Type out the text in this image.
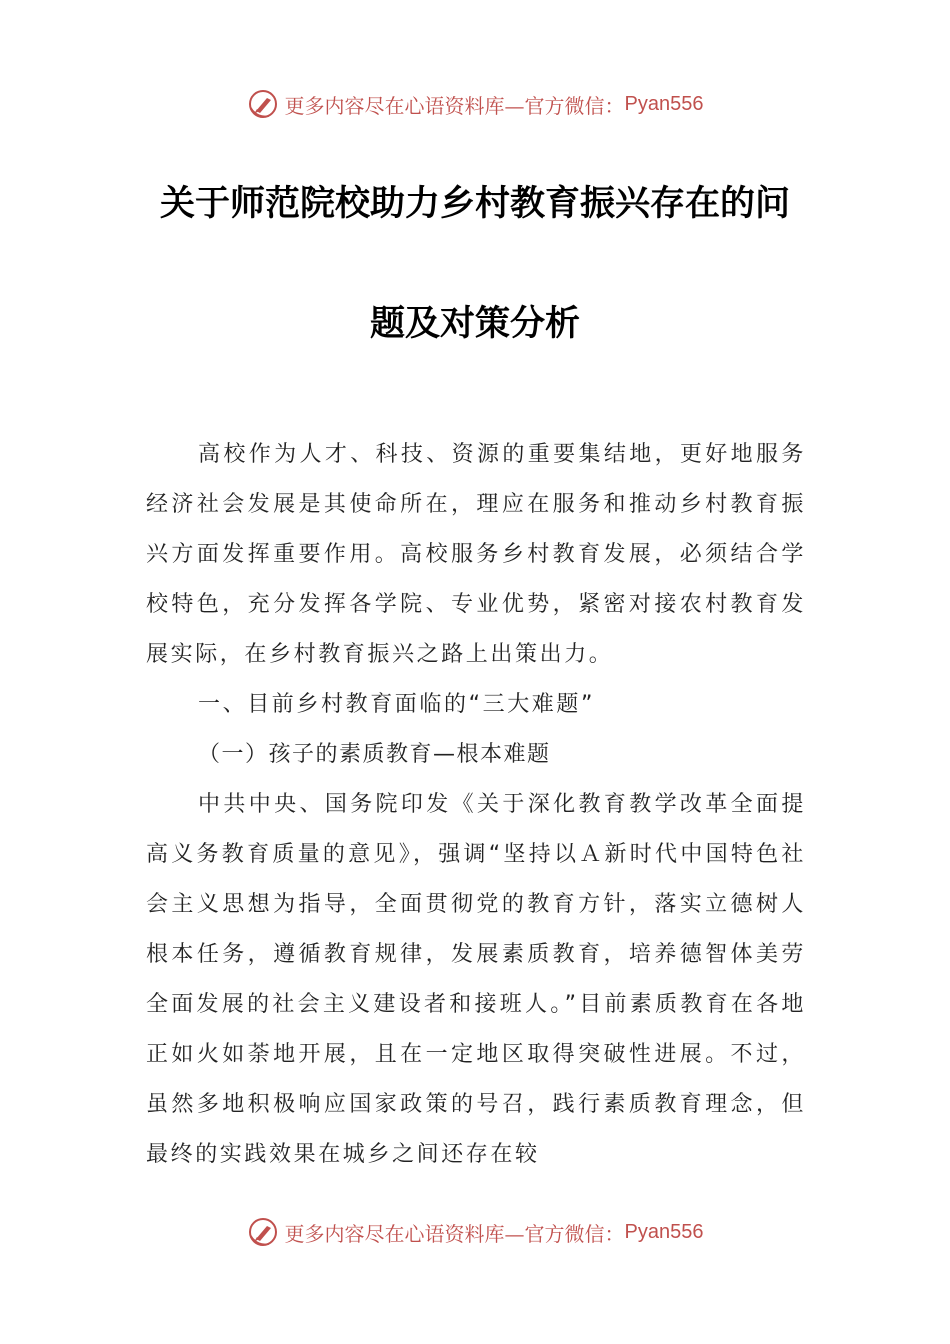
更多内容尽在心语资料库— 官方微信： Pyan556
关于师范院校助力乡村教育振兴存在的问
题及对策分析

高校作为人才、科技、资源的重要集结地，更好地服务经济社会发展是其使命所在，理应在服务和推动乡村教育振兴方面发挥重要作用。高校服务乡村教育发展，必须结合学校特色，充分发挥各学院、专业优势，紧密对接农村教育发展实际，在乡村教育振兴之路上出策出力。

一、目前乡村教育面临的“三大难题”

（一）孩子的素质教育—根本难题

中共中央、国务院印发《关于深化教育教学改革全面提高义务教育质量的意见》，强调“坚持以Ａ新时代中国特色社会主义思想为指导，全面贯彻党的教育方针，落实立德树人根本任务，遵循教育规律，发展素质教育，培养德智体美劳全面发展的社会主义建设者和接班人。”目前素质教育在各地正如火如荼地开展，且在一定地区取得突破性进展。不过，虽然多地积极响应国家政策的号召，践行素质教育理念，但最终的实践效果在城乡之间还存在较

更多内容尽在心语资料库— 官方微信： Pyan556
